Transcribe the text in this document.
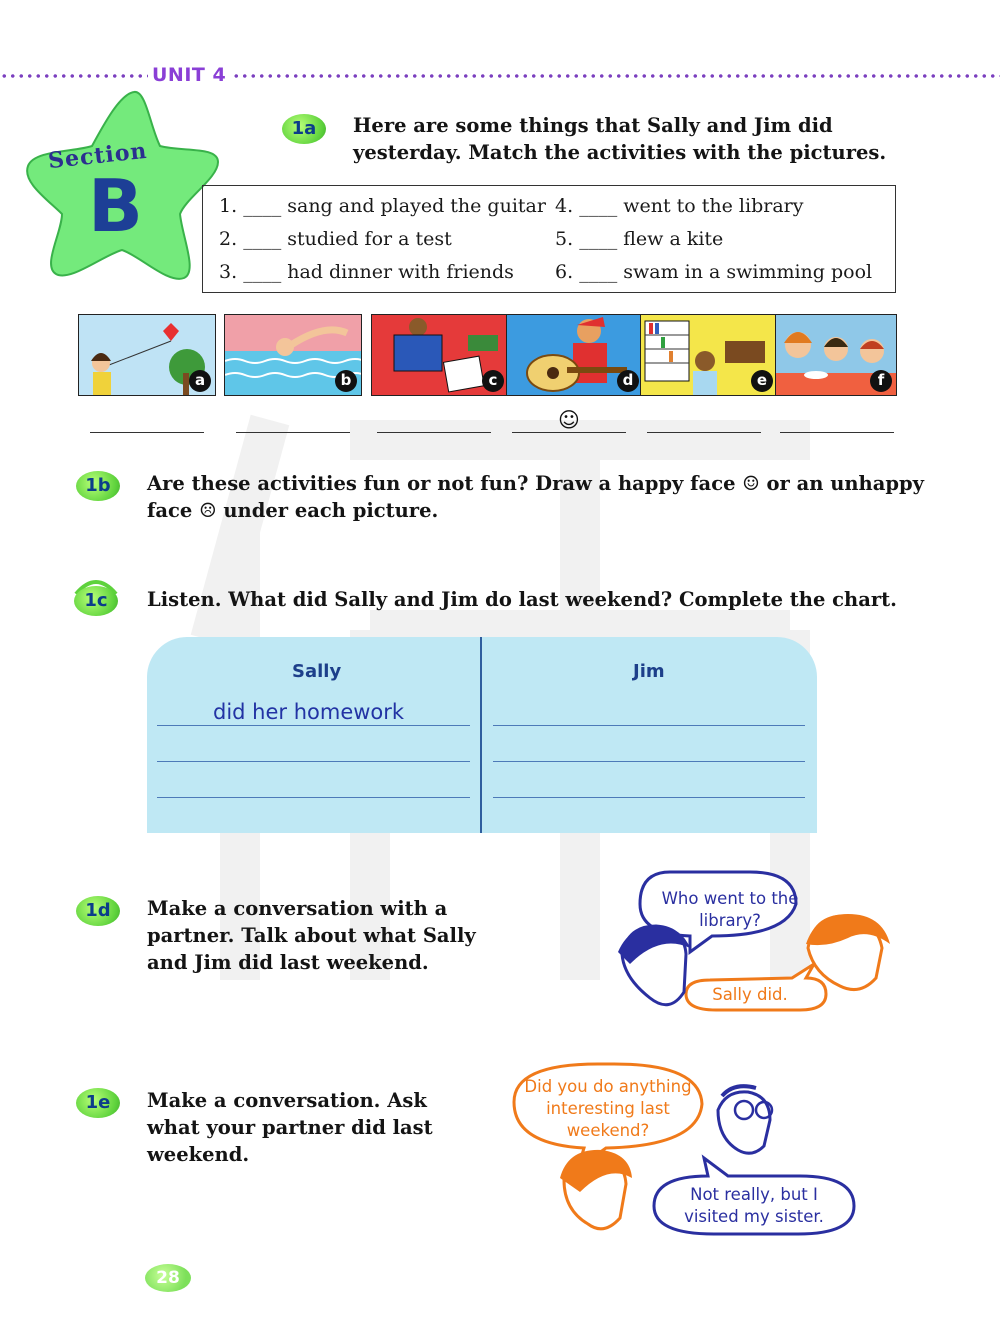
UNIT 4
Section
B
1a	Here are some things that Sally and Jim did
yesterday. Match the activities with the pictures.
1. ____ sang and played the guitar
2. ____ studied for a test
3. ____ had dinner with friends
4. ____ went to the library
5. ____ flew a kite
6. ____ swam in a swimming pool
a	b	c	d	e	f
☺
1b	Are these activities fun or not fun? Draw a happy face ☺ or an unhappy
face ☹ under each picture.
1c	Listen. What did Sally and Jim do last weekend? Complete the chart.
Sally	Jim
did her homework
1d	Make a conversation with a
partner. Talk about what Sally
and Jim did last weekend.
Who went to the library?
Sally did.
1e	Make a conversation. Ask
what your partner did last
weekend.
Did you do anything interesting last weekend?
Not really, but I visited my sister.
28
